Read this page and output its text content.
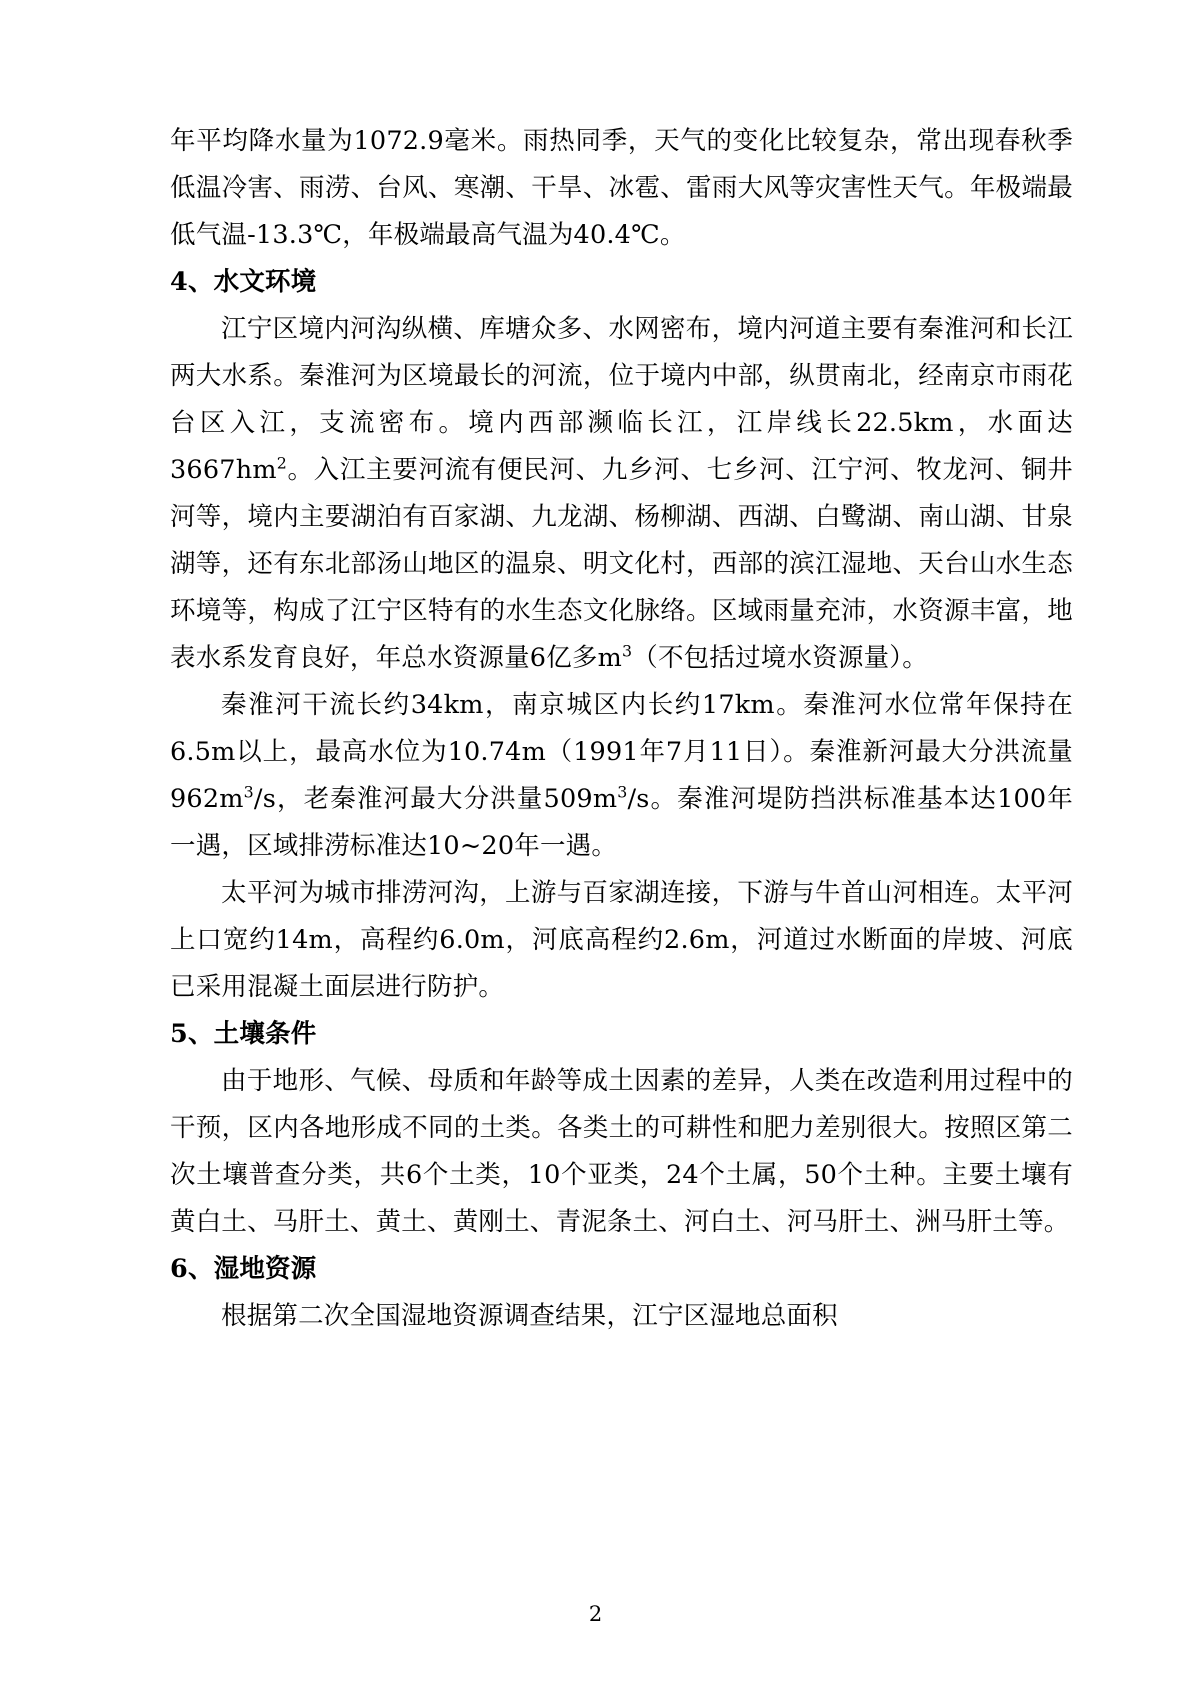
年平均降水量为1072.9毫米。雨热同季，天气的变化比较复杂，常出现春秋季低温冷害、雨涝、台风、寒潮、干旱、冰雹、雷雨大风等灾害性天气。年极端最低气温-13.3℃，年极端最高气温为40.4℃。

4、水文环境

江宁区境内河沟纵横、库塘众多、水网密布，境内河道主要有秦淮河和长江两大水系。秦淮河为区境最长的河流，位于境内中部，纵贯南北，经南京市雨花台区入江，支流密布。境内西部濒临长江，江岸线长22.5km，水面达$3667hm^2$。入江主要河流有便民河、九乡河、七乡河、江宁河、牧龙河、铜井河等，境内主要湖泊有百家湖、九龙湖、杨柳湖、西湖、白鹭湖、南山湖、甘泉湖等，还有东北部汤山地区的温泉、明文化村，西部的滨江湿地、天台山水生态环境等，构成了江宁区特有的水生态文化脉络。区域雨量充沛，水资源丰富，地表水系发育良好，年总水资源量6亿多$m^3$（不包括过境水资源量）。

秦淮河干流长约34km，南京城区内长约17km。秦淮河水位常年保持在6.5m以上，最高水位为10.74m（1991年7月11日）。秦淮新河最大分洪流量$962m^3/s$，老秦淮河最大分洪量$509m^3/s$。秦淮河堤防挡洪标准基本达100年一遇，区域排涝标准达10~20年一遇。

太平河为城市排涝河沟，上游与百家湖连接，下游与牛首山河相连。太平河上口宽约14m，高程约6.0m，河底高程约2.6m，河道过水断面的岸坡、河底已采用混凝土面层进行防护。

5、土壤条件

由于地形、气候、母质和年龄等成土因素的差异，人类在改造利用过程中的干预，区内各地形成不同的土类。各类土的可耕性和肥力差别很大。按照区第二次土壤普查分类，共6个土类，10个亚类，24个土属，50个土种。主要土壤有黄白土、马肝土、黄土、黄刚土、青泥条土、河白土、河马肝土、洲马肝土等。

6、湿地资源

根据第二次全国湿地资源调查结果，江宁区湿地总面积

2
